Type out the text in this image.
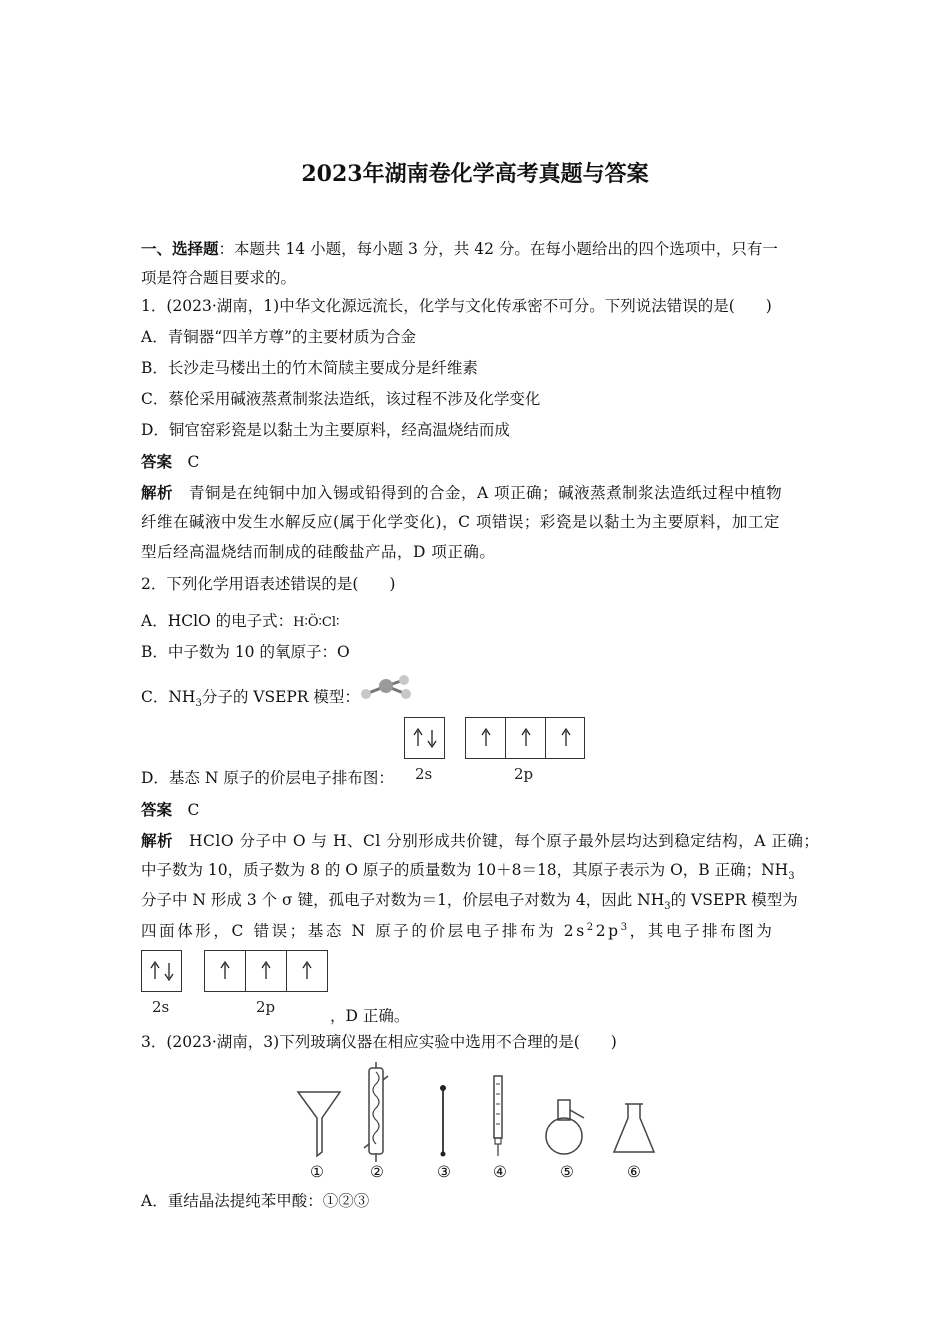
2023年湖南卷化学高考真题与答案
一、选择题：本题共 14 小题，每小题 3 分，共 42 分。在每小题给出的四个选项中，只有一
项是符合题目要求的。
1．(2023·湖南，1)中华文化源远流长，化学与文化传承密不可分。下列说法错误的是(　　)
A．青铜器“四羊方尊”的主要材质为合金
B．长沙走马楼出土的竹木简牍主要成分是纤维素
C．蔡伦采用碱液蒸煮制浆法造纸，该过程不涉及化学变化
D．铜官窑彩瓷是以黏土为主要原料，经高温烧结而成
答案　 C
解析　 青铜是在纯铜中加入锡或铅得到的合金，A 项正确；碱液蒸煮制浆法造纸过程中植物
纤维在碱液中发生水解反应(属于化学变化)，C 项错误；彩瓷是以黏土为主要原料，加工定
型后经高温烧结而制成的硅酸盐产品，D 项正确。
2．下列化学用语表述错误的是(　　)
A．HClO 的电子式：H∶Ö∶Cl∶
B．中子数为 10 的氧原子：O
C．$NH_3$分子的 VSEPR 模型：
D．基态 N 原子的价层电子排布图： 2s	2p
答案　 C
解析　 HClO 分子中 O 与 H、Cl 分别形成共价键，每个原子最外层均达到稳定结构，A 正确；
中子数为 10，质子数为 8 的 O 原子的质量数为 10＋8＝18，其原子表示为 O，B 正确；$NH_3$
分子中 N 形成 3 个 σ 键，孤电子对数为＝1，价层电子对数为 4，因此 $NH_3$的 VSEPR 模型为
四面体形，C 错误；基态 N 原子的价层电子排布为 $2s^22p^3$，其电子排布图为
2s	2p	，D 正确。
3．(2023·湖南，3)下列玻璃仪器在相应实验中选用不合理的是(　　)
①	②	③	④	⑤	⑥
A．重结晶法提纯苯甲酸：①②③
